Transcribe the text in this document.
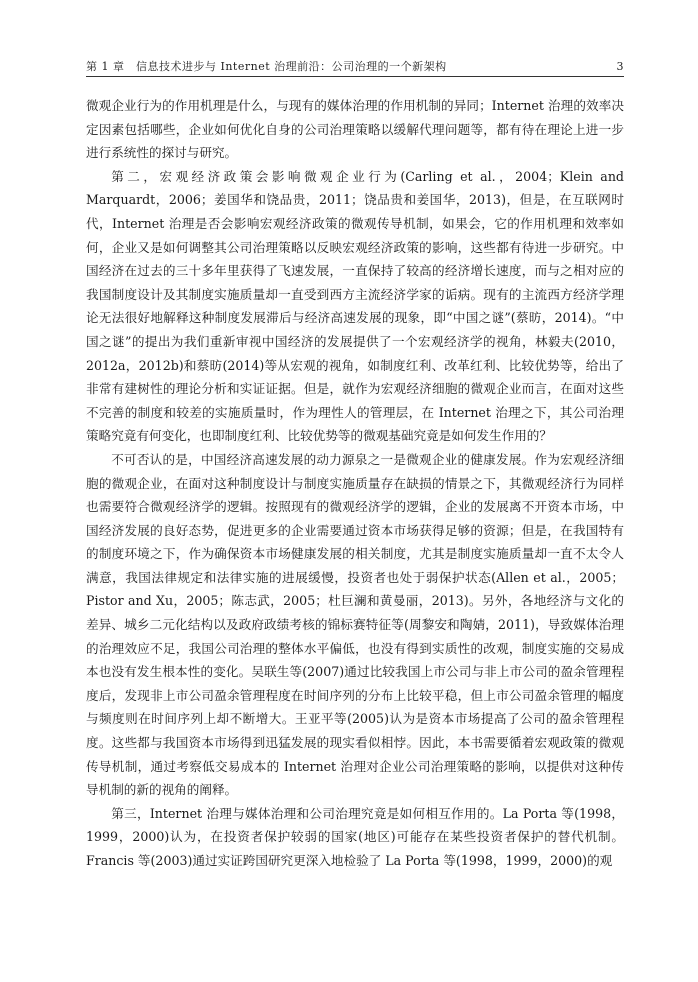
第 1 章　信息技术进步与 Internet 治理前沿：公司治理的一个新架构	3

微观企业行为的作用机理是什么，与现有的媒体治理的作用机制的异同；Internet 治理的效率决定因素包括哪些，企业如何优化自身的公司治理策略以缓解代理问题等，都有待在理论上进一步进行系统性的探讨与研究。

第二，宏观经济政策会影响微观企业行为(Carling et al.，2004；Klein and Marquardt，2006；姜国华和饶品贵，2011；饶品贵和姜国华，2013)，但是，在互联网时代，Internet 治理是否会影响宏观经济政策的微观传导机制，如果会，它的作用机理和效率如何，企业又是如何调整其公司治理策略以反映宏观经济政策的影响，这些都有待进一步研究。中国经济在过去的三十多年里获得了飞速发展，一直保持了较高的经济增长速度，而与之相对应的我国制度设计及其制度实施质量却一直受到西方主流经济学家的诟病。现有的主流西方经济学理论无法很好地解释这种制度发展滞后与经济高速发展的现象，即“中国之谜”(蔡昉，2014)。“中国之谜”的提出为我们重新审视中国经济的发展提供了一个宏观经济学的视角，林毅夫(2010，2012a，2012b)和蔡昉(2014)等从宏观的视角，如制度红利、改革红利、比较优势等，给出了非常有建树性的理论分析和实证证据。但是，就作为宏观经济细胞的微观企业而言，在面对这些不完善的制度和较差的实施质量时，作为理性人的管理层，在 Internet 治理之下，其公司治理策略究竟有何变化，也即制度红利、比较优势等的微观基础究竟是如何发生作用的？

不可否认的是，中国经济高速发展的动力源泉之一是微观企业的健康发展。作为宏观经济细胞的微观企业，在面对这种制度设计与制度实施质量存在缺损的情景之下，其微观经济行为同样也需要符合微观经济学的逻辑。按照现有的微观经济学的逻辑，企业的发展离不开资本市场，中国经济发展的良好态势，促进更多的企业需要通过资本市场获得足够的资源；但是，在我国特有的制度环境之下，作为确保资本市场健康发展的相关制度，尤其是制度实施质量却一直不太令人满意，我国法律规定和法律实施的进展缓慢，投资者也处于弱保护状态(Allen et al.，2005；Pistor and Xu，2005；陈志武，2005；杜巨澜和黄曼丽，2013)。另外，各地经济与文化的差异、城乡二元化结构以及政府政绩考核的锦标赛特征等(周黎安和陶婧，2011)，导致媒体治理的治理效应不足，我国公司治理的整体水平偏低，也没有得到实质性的改观，制度实施的交易成本也没有发生根本性的变化。吴联生等(2007)通过比较我国上市公司与非上市公司的盈余管理程度后，发现非上市公司盈余管理程度在时间序列的分布上比较平稳，但上市公司盈余管理的幅度与频度则在时间序列上却不断增大。王亚平等(2005)认为是资本市场提高了公司的盈余管理程度。这些都与我国资本市场得到迅猛发展的现实看似相悖。因此，本书需要循着宏观政策的微观传导机制，通过考察低交易成本的 Internet 治理对企业公司治理策略的影响，以提供对这种传导机制的新的视角的阐释。

第三，Internet 治理与媒体治理和公司治理究竟是如何相互作用的。La Porta 等(1998，1999，2000)认为，在投资者保护较弱的国家(地区)可能存在某些投资者保护的替代机制。Francis 等(2003)通过实证跨国研究更深入地检验了 La Porta 等(1998，1999，2000)的观
